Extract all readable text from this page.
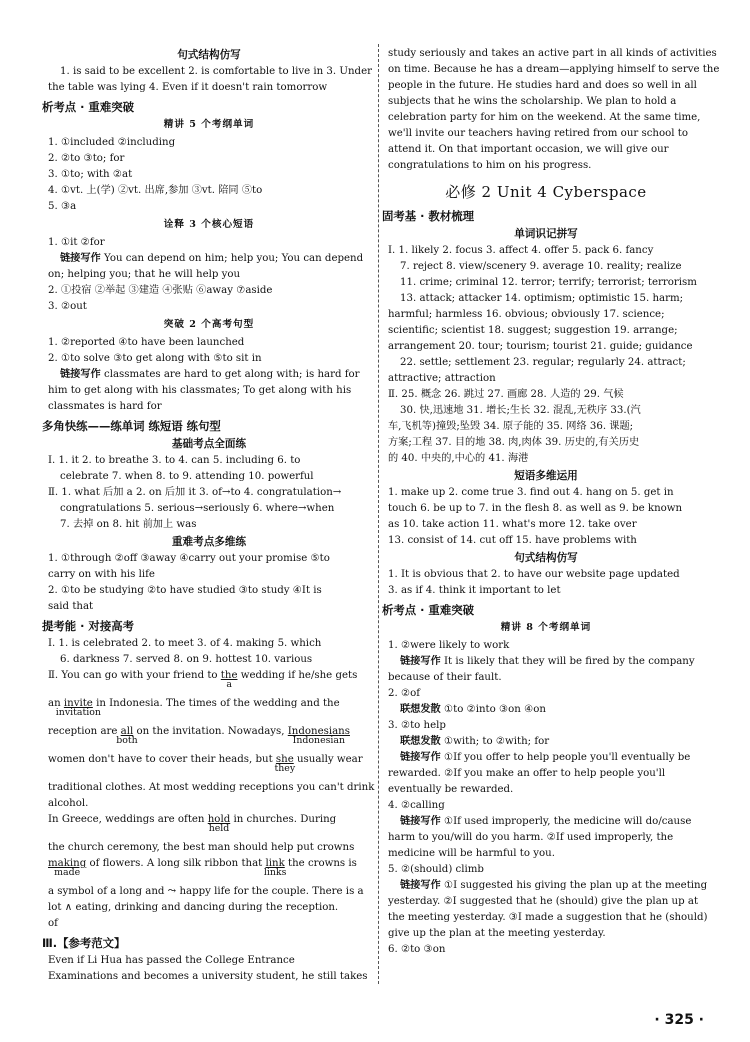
句式结构仿写
1. is said to be excellent 2. is comfortable to live in 3. Under
the table was lying 4. Even if it doesn't rain tomorrow
析考点 · 重难突破
精讲 5 个考纲单词
1. ①included ②including
2. ②to ③to; for
3. ①to; with ②at
4. ①vt. 上(学) ②vt. 出席,参加 ③vt. 陪同 ⑤to
5. ③a
诠释 3 个核心短语
1. ①it ②for
链接写作 You can depend on him; help you; You can depend
on; helping you; that he will help you
2. ①投宿 ②举起 ③建造 ④张贴 ⑥away ⑦aside
3. ②out
突破 2 个高考句型
1. ②reported ④to have been launched
2. ①to solve ③to get along with ⑤to sit in
链接写作 classmates are hard to get along with; is hard for
him to get along with his classmates; To get along with his
classmates is hard for
多角快练——练单词 练短语 练句型
基础考点全面练
Ⅰ. 1. it 2. to breathe 3. to 4. can 5. including 6. to
celebrate 7. when 8. to 9. attending 10. powerful
Ⅱ. 1. what 后加 a 2. on 后加 it 3. of→to 4. congratulation→
congratulations 5. serious→seriously 6. where→when
7. 去掉 on 8. hit 前加上 was
重难考点多维练
1. ①through ②off ③away ④carry out your promise ⑤to
carry on with his life
2. ①to be studying ②to have studied ③to study ④It is
said that
提考能 · 对接高考
Ⅰ. 1. is celebrated 2. to meet 3. of 4. making 5. which
6. darkness 7. served 8. on 9. hottest 10. various
Ⅱ. You can go with your friend to the
a
wedding if he/she gets
an invite
invitation
in Indonesia. The times of the wedding and the
reception are all
both
on the invitation. Nowadays, Indonesians
Indonesian
women don't have to cover their heads, but she
they
usually wear
traditional clothes. At most wedding receptions you can't drink
alcohol.
In Greece, weddings are often hold
held
in churches. During
the church ceremony, the best man should help put crowns
making
made
of flowers. A long silk ribbon that link
links
the crowns is
a symbol of a long and ⤳ happy life for the couple. There is a
lot ∧ eating, drinking and dancing during the reception.
of
Ⅲ.【参考范文】
Even if Li Hua has passed the College Entrance
Examinations and becomes a university student, he still takes
study seriously and takes an active part in all kinds of activities
on time. Because he has a dream—applying himself to serve the
people in the future. He studies hard and does so well in all
subjects that he wins the scholarship. We plan to hold a
celebration party for him on the weekend. At the same time,
we'll invite our teachers having retired from our school to
attend it. On that important occasion, we will give our
congratulations to him on his progress.
必修 2 Unit 4 Cyberspace
固考基 · 教材梳理
单词识记拼写
Ⅰ. 1. likely 2. focus 3. affect 4. offer 5. pack 6. fancy
7. reject 8. view/scenery 9. average 10. reality; realize
11. crime; criminal 12. terror; terrify; terrorist; terrorism
13. attack; attacker 14. optimism; optimistic 15. harm;
harmful; harmless 16. obvious; obviously 17. science;
scientific; scientist 18. suggest; suggestion 19. arrange;
arrangement 20. tour; tourism; tourist 21. guide; guidance
22. settle; settlement 23. regular; regularly 24. attract;
attractive; attraction
Ⅱ. 25. 概念 26. 跳过 27. 画廊 28. 人造的 29. 气候
30. 快,迅速地 31. 增长;生长 32. 混乱,无秩序 33.(汽
车,飞机等)撞毁;坠毁 34. 原子能的 35. 网络 36. 课题;
方案;工程 37. 目的地 38. 肉,肉体 39. 历史的,有关历史
的 40. 中央的,中心的 41. 海港
短语多维运用
1. make up 2. come true 3. find out 4. hang on 5. get in
touch 6. be up to 7. in the flesh 8. as well as 9. be known
as 10. take action 11. what's more 12. take over
13. consist of 14. cut off 15. have problems with
句式结构仿写
1. It is obvious that 2. to have our website page updated
3. as if 4. think it important to let
析考点 · 重难突破
精讲 8 个考纲单词
1. ②were likely to work
链接写作 It is likely that they will be fired by the company
because of their fault.
2. ②of
联想发散 ①to ②into ③on ④on
3. ②to help
联想发散 ①with; to ②with; for
链接写作 ①If you offer to help people you'll eventually be
rewarded. ②If you make an offer to help people you'll
eventually be rewarded.
4. ②calling
链接写作 ①If used improperly, the medicine will do/cause
harm to you/will do you harm. ②If used improperly, the
medicine will be harmful to you.
5. ②(should) climb
链接写作 ①I suggested his giving the plan up at the meeting
yesterday. ②I suggested that he (should) give the plan up at
the meeting yesterday. ③I made a suggestion that he (should)
give up the plan at the meeting yesterday.
6. ②to ③on
· 325 ·
